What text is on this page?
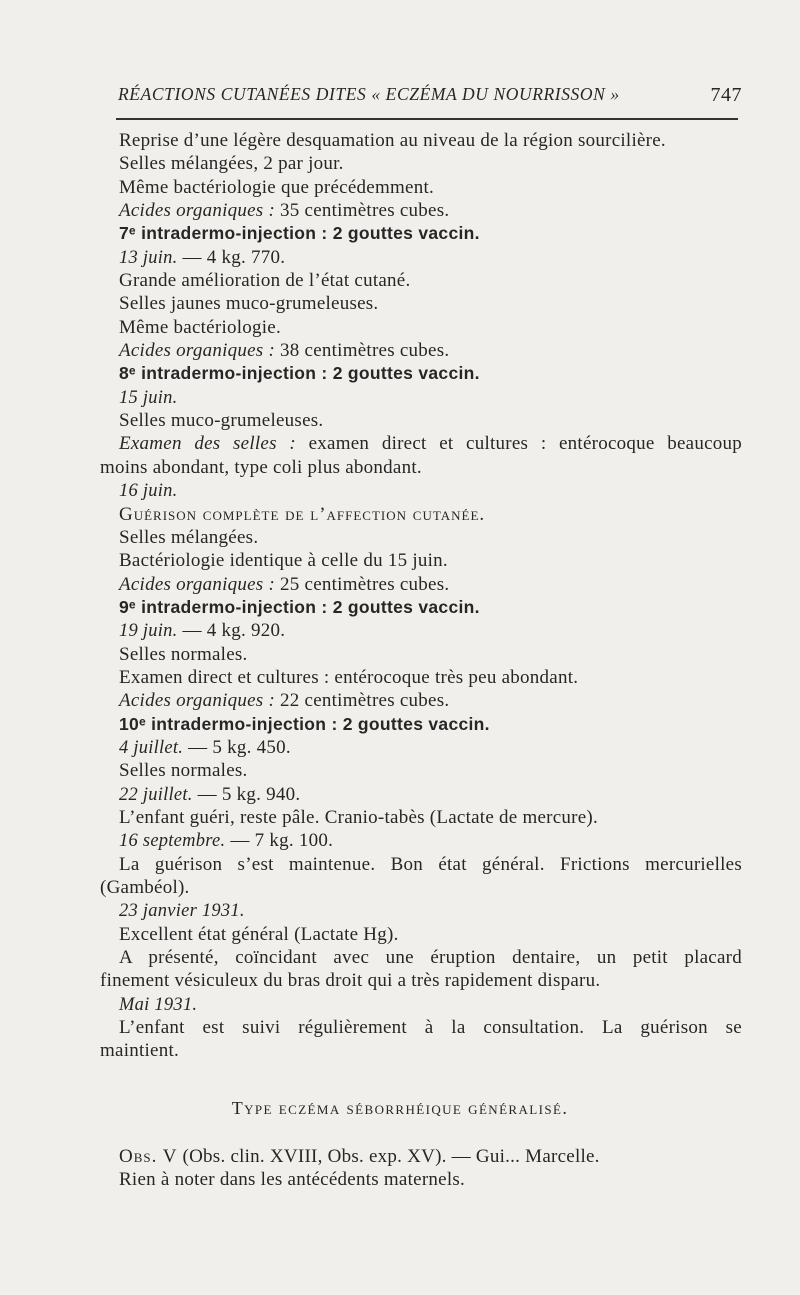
RÉACTIONS CUTANÉES DITES « ECZÉMA DU NOURRISSON »	747
Reprise d’une légère desquamation au niveau de la région sourcilière.
Selles mélangées, 2 par jour.
Même bactériologie que précédemment.
Acides organiques : 35 centimètres cubes.
7ᵉ intradermo-injection : 2 gouttes vaccin.
13 juin. — 4 kg. 770.
Grande amélioration de l’état cutané.
Selles jaunes muco-grumeleuses.
Même bactériologie.
Acides organiques : 38 centimètres cubes.
8ᵉ intradermo-injection : 2 gouttes vaccin.
15 juin.
Selles muco-grumeleuses.
Examen des selles : examen direct et cultures : entérocoque beaucoup
moins abondant, type coli plus abondant.
16 juin.
Guérison complète de l’affection cutanée.
Selles mélangées.
Bactériologie identique à celle du 15 juin.
Acides organiques : 25 centimètres cubes.
9ᵉ intradermo-injection : 2 gouttes vaccin.
19 juin. — 4 kg. 920.
Selles normales.
Examen direct et cultures : entérocoque très peu abondant.
Acides organiques : 22 centimètres cubes.
10ᵉ intradermo-injection : 2 gouttes vaccin.
4 juillet. — 5 kg. 450.
Selles normales.
22 juillet. — 5 kg. 940.
L’enfant guéri, reste pâle. Cranio-tabès (Lactate de mercure).
16 septembre. — 7 kg. 100.
La guérison s’est maintenue. Bon état général. Frictions mercurielles
(Gambéol).
23 janvier 1931.
Excellent état général (Lactate Hg).
A présenté, coïncidant avec une éruption dentaire, un petit placard
finement vésiculeux du bras droit qui a très rapidement disparu.
Mai 1931.
L’enfant est suivi régulièrement à la consultation. La guérison se
maintient.
Type eczéma séborrhéique généralisé.
Obs. V (Obs. clin. XVIII, Obs. exp. XV). — Gui... Marcelle.
Rien à noter dans les antécédents maternels.
